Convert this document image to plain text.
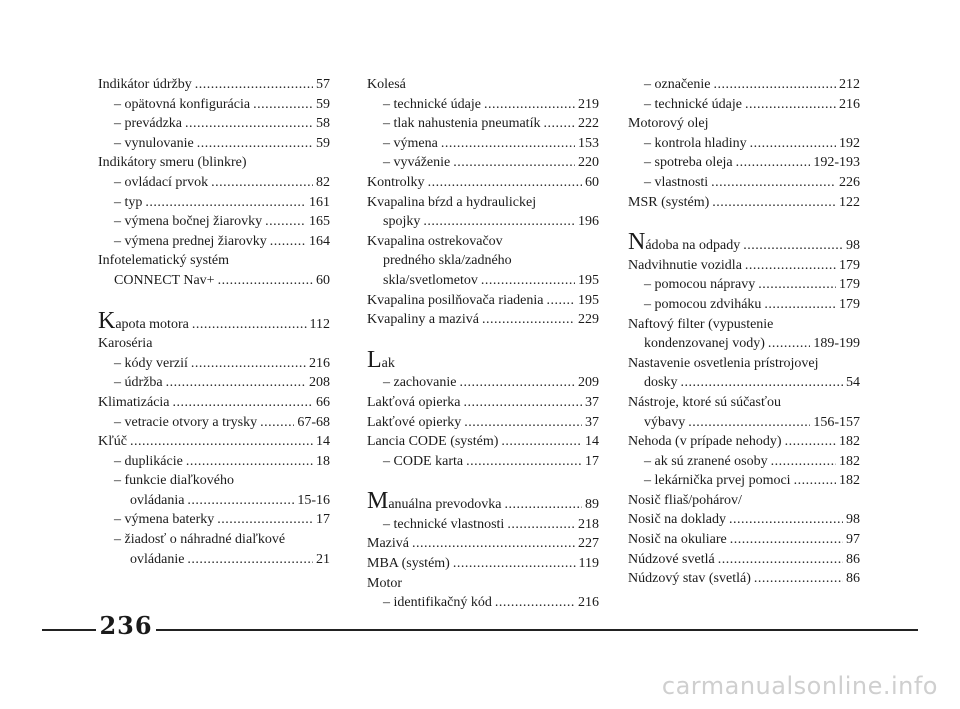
Indikátor údržby .....	57
– opätovná konfigurácia .....	59
– prevádzka .....	58
– vynulovanie .....	59
Indikátory smeru (blinkre)
– ovládací prvok .....	82
– typ .....	161
– výmena bočnej žiarovky .....	165
– výmena prednej žiarovky .....	164
Infotelematický systém
CONNECT Nav+ .....	60
Kapota motora .....	112
Karoséria
– kódy verzií .....	216
– údržba .....	208
Klimatizácia .....	66
– vetracie otvory a trysky .....	67-68
Kľúč .....	14
– duplikácie .....	18
– funkcie diaľkového
ovládania .....	15-16
– výmena baterky .....	17
– žiadosť o náhradné diaľkové
ovládanie .....	21
Kolesá
– technické údaje .....	219
– tlak nahustenia pneumatík .....	222
– výmena .....	153
– vyváženie .....	220
Kontrolky .....	60
Kvapalina bŕzd a hydraulickej
spojky .....	196
Kvapalina ostrekovačov
predného skla/zadného
skla/svetlometov .....	195
Kvapalina posilňovača riadenia ..... 195
Kvapaliny a mazivá .....	229
Lak
– zachovanie .....	209
Lakťová opierka .....	37
Lakťové opierky .....	37
Lancia CODE (systém) .....	14
– CODE karta .....	17
Manuálna prevodovka .....	89
– technické vlastnosti .....	218
Mazivá .....	227
MBA (systém) .....	119
Motor
– identifikačný kód .....	216
– označenie .....	212
– technické údaje .....	216
Motorový olej
– kontrola hladiny .....	192
– spotreba oleja .....	192-193
– vlastnosti .....	226
MSR (systém) .....	122
Nádoba na odpady .....	98
Nadvihnutie vozidla .....	179
– pomocou nápravy .....	179
– pomocou zdviháku .....	179
Naftový filter (vypustenie
kondenzovanej vody) .....	189-199
Nastavenie osvetlenia prístrojovej
dosky .....	54
Nástroje, ktoré sú súčasťou
výbavy .....	156-157
Nehoda (v prípade nehody) .....	182
– ak sú zranené osoby .....	182
– lekárnička prvej pomoci .....	182
Nosič fliaš/pohárov/
Nosič na doklady .....	98
Nosič na okuliare .....	97
Núdzové svetlá .....	86
Núdzový stav (svetlá) .....	86
236
carmanualsonline.info
